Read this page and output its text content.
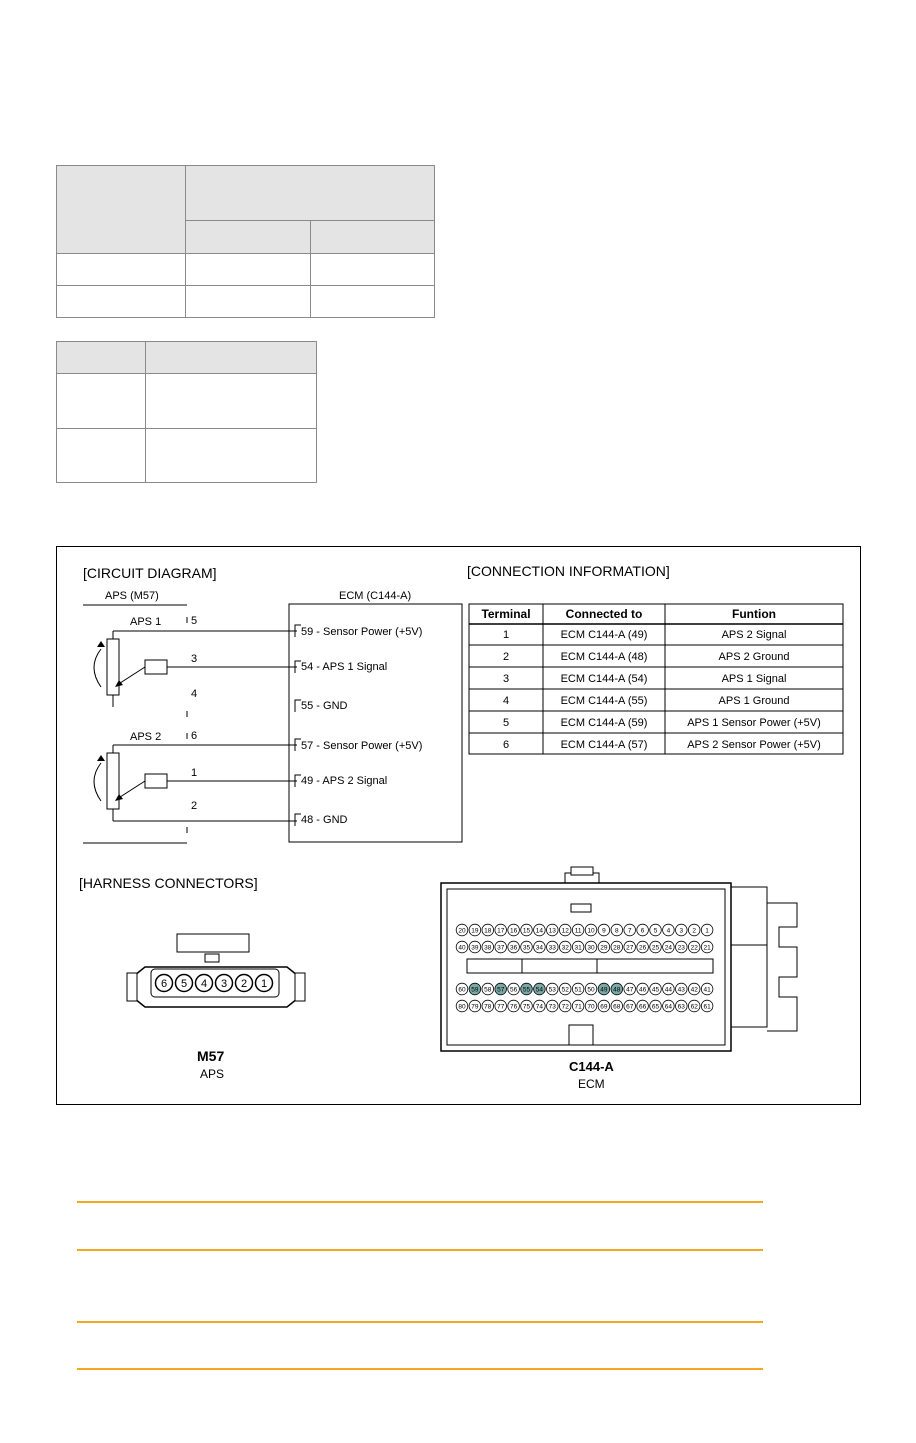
[CIRCUIT DIAGRAM]
APS (M57)	ECM (C144-A)
APS 1
APS 2
5
3
4
6
1
2
59 - Sensor Power (+5V)
54 - APS 1 Signal
55 - GND
57 - Sensor Power (+5V)
49 - APS 2 Signal
48 - GND
[CONNECTION INFORMATION]
Terminal	Connected to	Funtion
1	ECM C144-A (49)	APS 2 Signal
2	ECM C144-A (48)	APS 2 Ground
3	ECM C144-A (54)	APS 1 Signal
4	ECM C144-A (55)	APS 1 Ground
5	ECM C144-A (59)	APS 1 Sensor Power (+5V)
6	ECM C144-A (57)	APS 2 Sensor Power (+5V)
[HARNESS CONNECTORS]
6 5 4 3 2 1
M57
APS
20 19 18 17 16 15 14 13 12 11 10 9 8 7 6 5 4 3 2 1
40 39 38 37 36 35 34 33 32 31 30 29 28 27 26 25 24 23 22 21
60 59 58 57 56 55 54 53 52 51 50 49 48 47 46 45 44 43 42 41
80 79 78 77 76 75 74 73 72 71 70 69 68 67 66 65 64 63 62 61
C144-A
ECM
